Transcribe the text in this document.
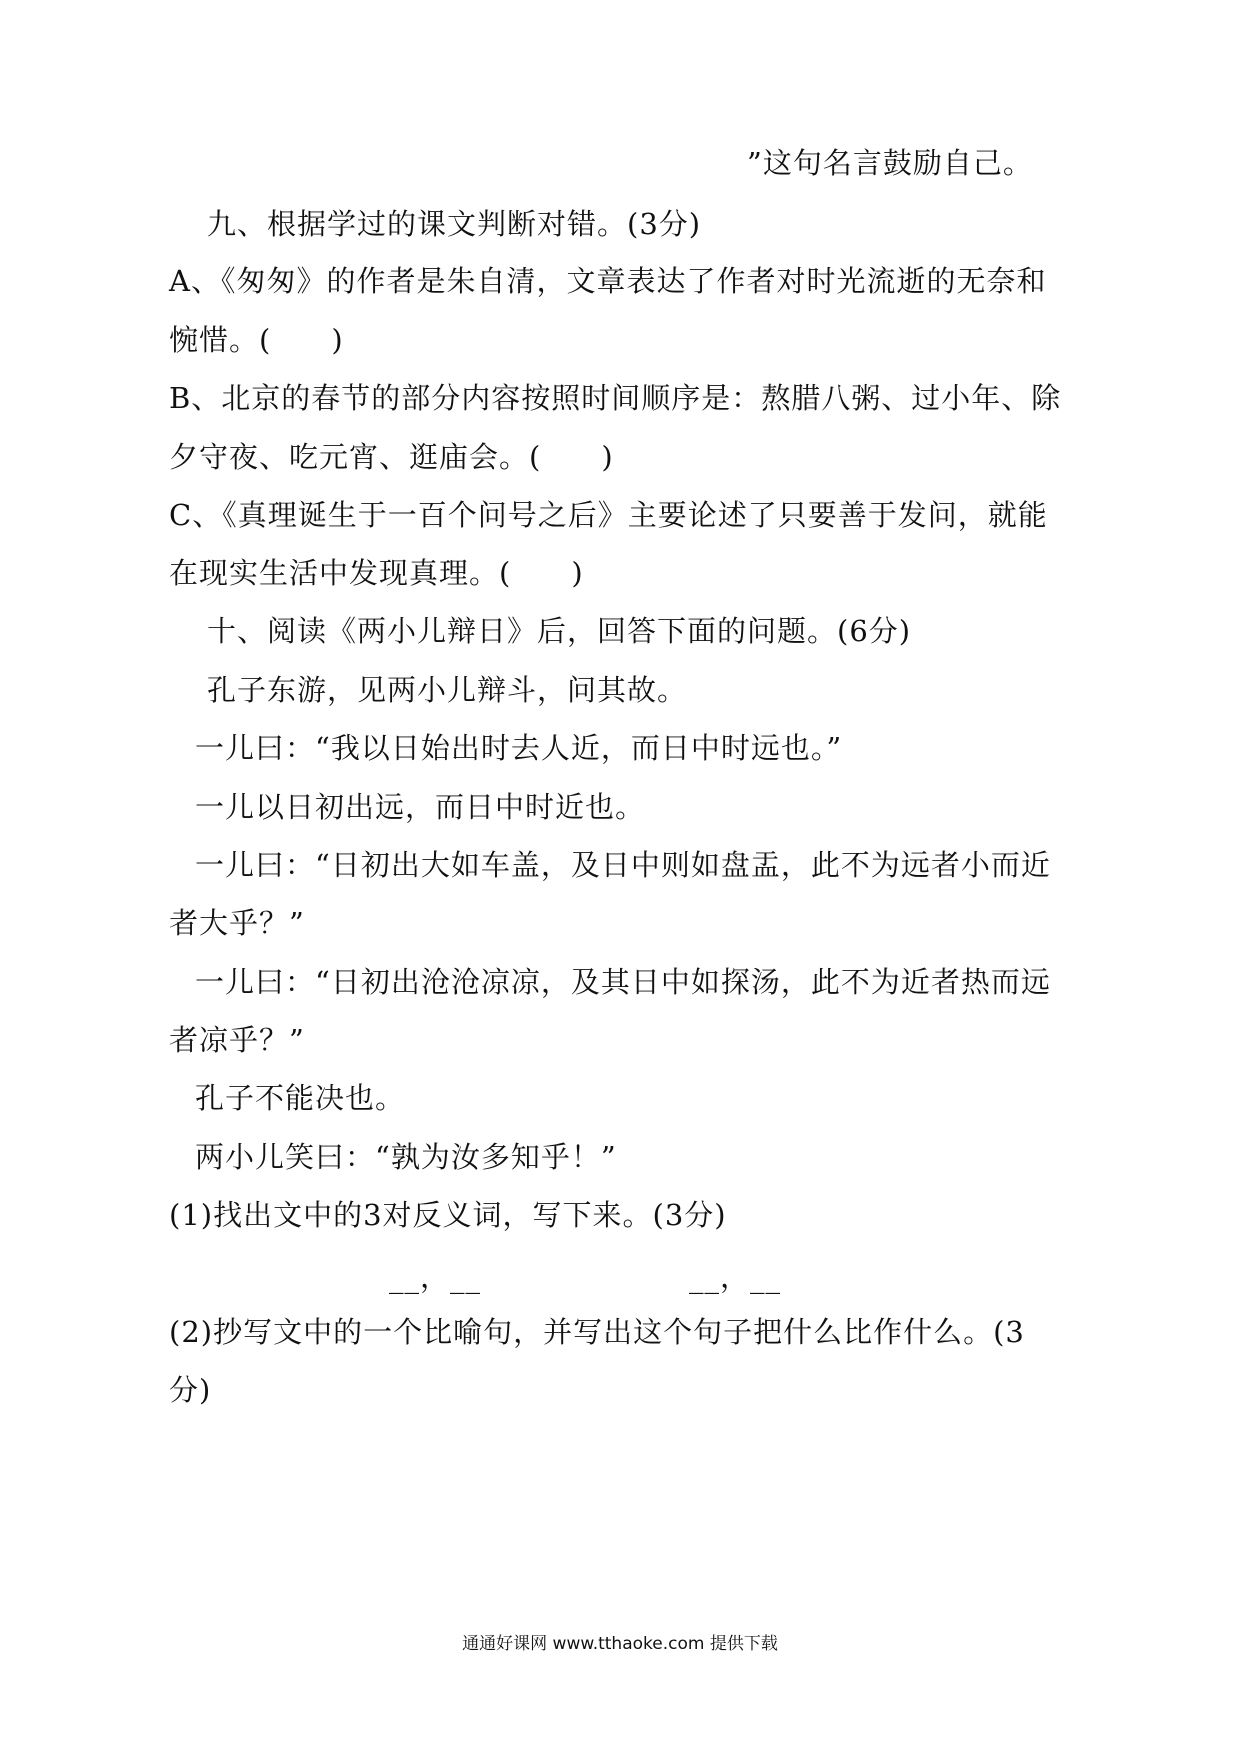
”这句名言鼓励自己。
九、根据学过的课文判断对错。(3分)
A、《匆匆》的作者是朱自清，文章表达了作者对时光流逝的无奈和
惋惜。(　　)
B、北京的春节的部分内容按照时间顺序是：熬腊八粥、过小年、除
夕守夜、吃元宵、逛庙会。(　　)
C、《真理诞生于一百个问号之后》主要论述了只要善于发问，就能
在现实生活中发现真理。(　　)
十、阅读《两小儿辩日》后，回答下面的问题。(6分)
孔子东游，见两小儿辩斗，问其故。
一儿曰：“我以日始出时去人近，而日中时远也。”
一儿以日初出远，而日中时近也。
一儿曰：“日初出大如车盖，及日中则如盘盂，此不为远者小而近
者大乎？”
一儿曰：“日初出沧沧凉凉，及其日中如探汤，此不为近者热而远
者凉乎？”
孔子不能决也。
两小儿笑曰：“孰为汝多知乎！”
(1)找出文中的3对反义词，写下来。(3分)
__，__	__，__
(2)抄写文中的一个比喻句，并写出这个句子把什么比作什么。(3
分)
通通好课网 www.tthaoke.com 提供下载
